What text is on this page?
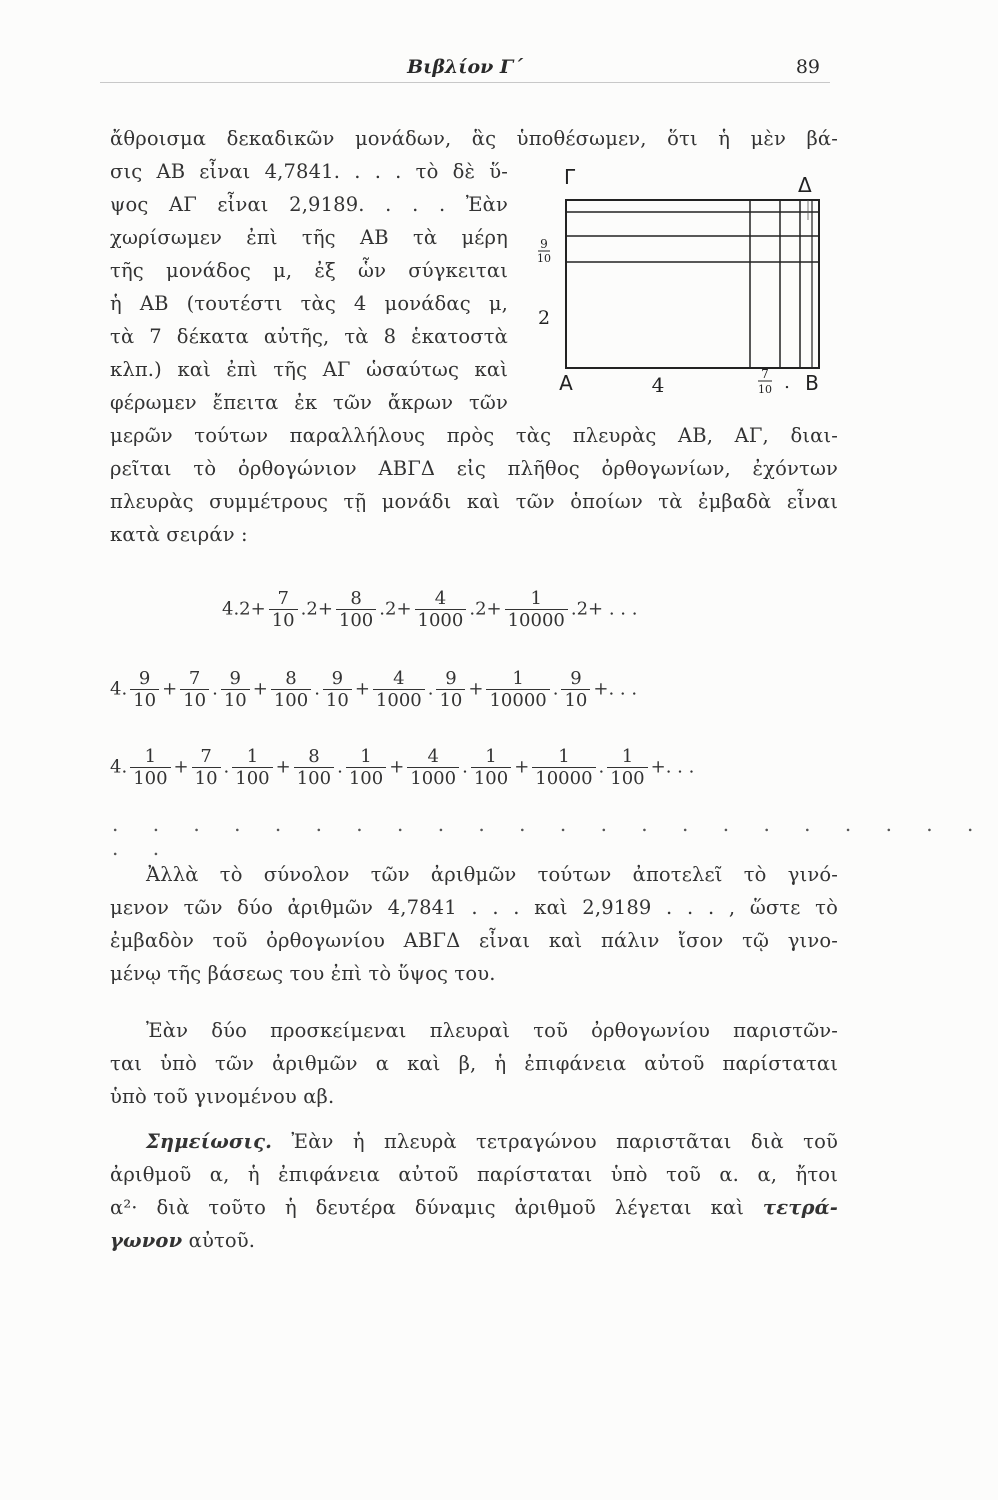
Βιβλίον Γ΄	89
ἄθροισμα δεκαδικῶν μονάδων, ἃς ὑποθέσωμεν, ὅτι ἡ μὲν βά-
σις ΑΒ εἶναι 4,7841. . . . τὸ δὲ ὕ-
ψος ΑΓ εἶναι 2,9189. . . . Ἐὰν
χωρίσωμεν ἐπὶ τῆς ΑΒ τὰ μέρη
τῆς μονάδος μ, ἐξ ὧν σύγκειται
ἡ ΑΒ (τουτέστι τὰς 4 μονάδας μ,
τὰ 7 δέκατα αὐτῆς, τὰ 8 ἑκατοστὰ
κλπ.) καὶ ἐπὶ τῆς ΑΓ ὡσαύτως καὶ
φέρωμεν ἔπειτα ἐκ τῶν ἄκρων τῶν
Γ	Δ
9
10
2
Α	4	7
10 . Β
μερῶν τούτων παραλλήλους πρὸς τὰς πλευρὰς ΑΒ, ΑΓ, διαι-
ρεῖται τὸ ὀρθογώνιον ΑΒΓΔ εἰς πλῆθος ὀρθογωνίων, ἐχόντων
πλευρὰς συμμέτρους τῇ μονάδι καὶ τῶν ὁποίων τὰ ἐμβαδὰ εἶναι
κατὰ σειράν :
$4.2+ \frac{7}{10} .2+ \frac{8}{100} .2+ \frac{4}{1000} .2+ \frac{1}{10000} .2+$ . . .
4. $\frac{9}{10} + \frac{7}{10}$ . $\frac{9}{10} + \frac{8}{100}$ . $\frac{9}{10} + \frac{4}{1000}$ . $\frac{9}{10} + \frac{1}{10000}$ . $\frac{9}{10}$ +. . .
4. $\frac{1}{100} + \frac{7}{10}$ . $\frac{1}{100} + \frac{8}{100}$ . $\frac{1}{100} + \frac{4}{1000}$ . $\frac{1}{100} + \frac{1}{10000}$ . $\frac{1}{100}$ +. . .
. . . . . . . . . . . . . . . . . . . . . . . .
Ἀλλὰ τὸ σύνολον τῶν ἀριθμῶν τούτων ἀποτελεῖ τὸ γινό-
μενον τῶν δύο ἀριθμῶν 4,7841 . . . καὶ 2,9189 . . . , ὥστε τὸ
ἐμβαδὸν τοῦ ὀρθογωνίου ΑΒΓΔ εἶναι καὶ πάλιν ἴσον τῷ γινο-
μένῳ τῆς βάσεως του ἐπὶ τὸ ὕψος του.
Ἐὰν δύο προσκείμεναι πλευραὶ τοῦ ὀρθογωνίου παριστῶν-
ται ὑπὸ τῶν ἀριθμῶν α καὶ β, ἡ ἐπιφάνεια αὐτοῦ παρίσταται
ὑπὸ τοῦ γινομένου αβ.
Σημείωσις. Ἐὰν ἡ πλευρὰ τετραγώνου παριστᾶται διὰ τοῦ
ἀριθμοῦ α, ἡ ἐπιφάνεια αὐτοῦ παρίσταται ὑπὸ τοῦ α. α, ἤτοι
α²· διὰ τοῦτο ἡ δευτέρα δύναμις ἀριθμοῦ λέγεται καὶ τετρά-
γωνον αὐτοῦ.
